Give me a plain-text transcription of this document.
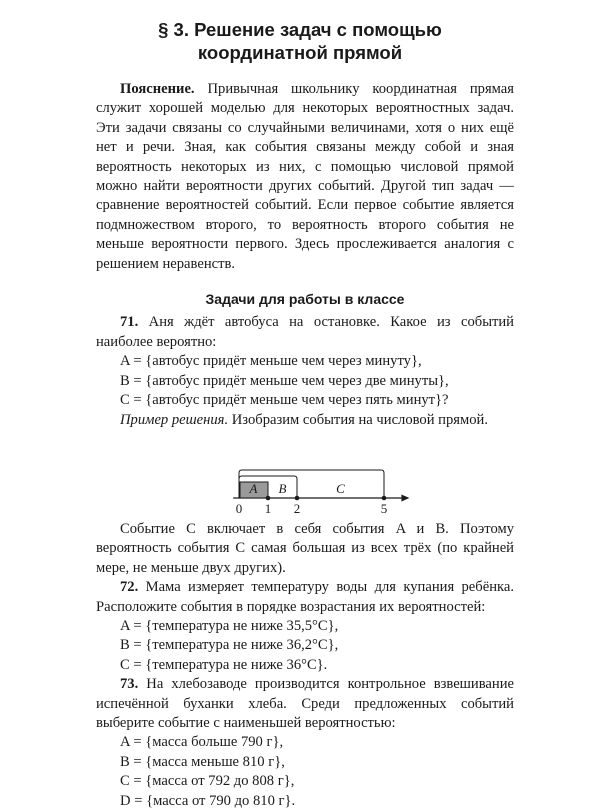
§ 3. Решение задач с помощью
координатной прямой

Пояснение. Привычная школьнику координатная прямая служит хорошей моделью для некоторых вероятностных задач. Эти задачи связаны со случайными величинами, хотя о них ещё нет и речи. Зная, как события связаны между собой и зная вероятность некоторых из них, с помощью числовой прямой можно найти вероятности других событий. Другой тип задач — сравнение вероятностей событий. Если первое событие является подмножеством второго, то вероятность второго события не меньше вероятности первого. Здесь прослеживается аналогия с решением неравенств.

Задачи для работы в классе

71. Аня ждёт автобуса на остановке. Какое из событий наиболее вероятно:

A = {автобус придёт меньше чем через минуту},

B = {автобус придёт меньше чем через две минуты},

C = {автобус придёт меньше чем через пять минут}?

Пример решения. Изобразим события на числовой прямой.

A B	C
0 1 2	5

Событие C включает в себя события A и B. Поэтому вероятность события C самая большая из всех трёх (по крайней мере, не меньше двух других).

72. Мама измеряет температуру воды для купания ребёнка. Расположите события в порядке возрастания их вероятностей:

A = {температура не ниже 35,5°C},

B = {температура не ниже 36,2°C},

C = {температура не ниже 36°C}.

73. На хлебозаводе производится контрольное взвешивание испечённой буханки хлеба. Среди предложенных событий выберите событие с наименьшей вероятностью:

A = {масса больше 790 г},

B = {масса меньше 810 г},

C = {масса от 792 до 808 г},

D = {масса от 790 до 810 г}.
